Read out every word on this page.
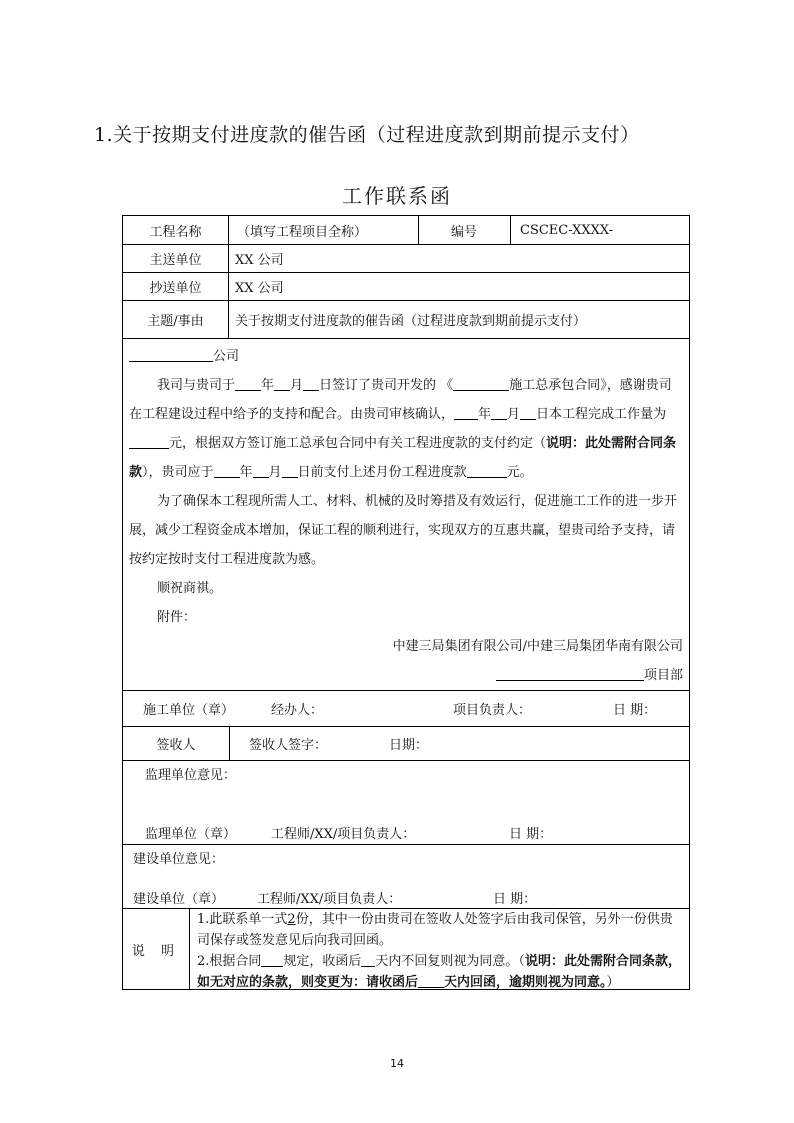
1.关于按期支付进度款的催告函（过程进度款到期前提示支付）
工作联系函
工程名称	（填写工程项目全称）	编号	CSCEC-XXXX-
主送单位	XX 公司
抄送单位	XX 公司
主题/事由	关于按期支付进度款的催告函（过程进度款到期前提示支付）
公司
我司与贵司于 年 月 日签订了贵司开发的 《	施工总承包合同》，感谢贵司在工程建设过程中给予的支持和配合。由贵司审核确认， 年 月 日本工程完成工作量为元，根据双方签订施工总承包合同中有关工程进度款的支付约定（说明：此处需附合同条款），贵司应于 年 月 日前支付上述月份工程进度款	元。
为了确保本工程现所需人工、材料、机械的及时筹措及有效运行，促进施工工作的进一步开展，减少工程资金成本增加，保证工程的顺利进行，实现双方的互惠共赢，望贵司给予支持，请按约定按时支付工程进度款为感。
顺祝商祺。
附件：
中建三局集团有限公司/中建三局集团华南有限公司
项目部
施工单位（章）	经办人：	项目负责人：	日 期：
签收人	签收人签字：	日期：
监理单位意见：
监理单位（章）	工程师/XX/项目负责人：	日 期：
建设单位意见：
建设单位（章）	工程师/XX/项目负责人：	日 期：
说 明
1.此联系单一式2份，其中一份由贵司在签收人处签字后由我司保管，另外一份供贵司保存或签发意见后向我司回函。
2.根据合同 规定，收函后 天内不回复则视为同意。（说明：此处需附合同条款，如无对应的条款，则变更为：请收函后 天内回函，逾期则视为同意。）
14
